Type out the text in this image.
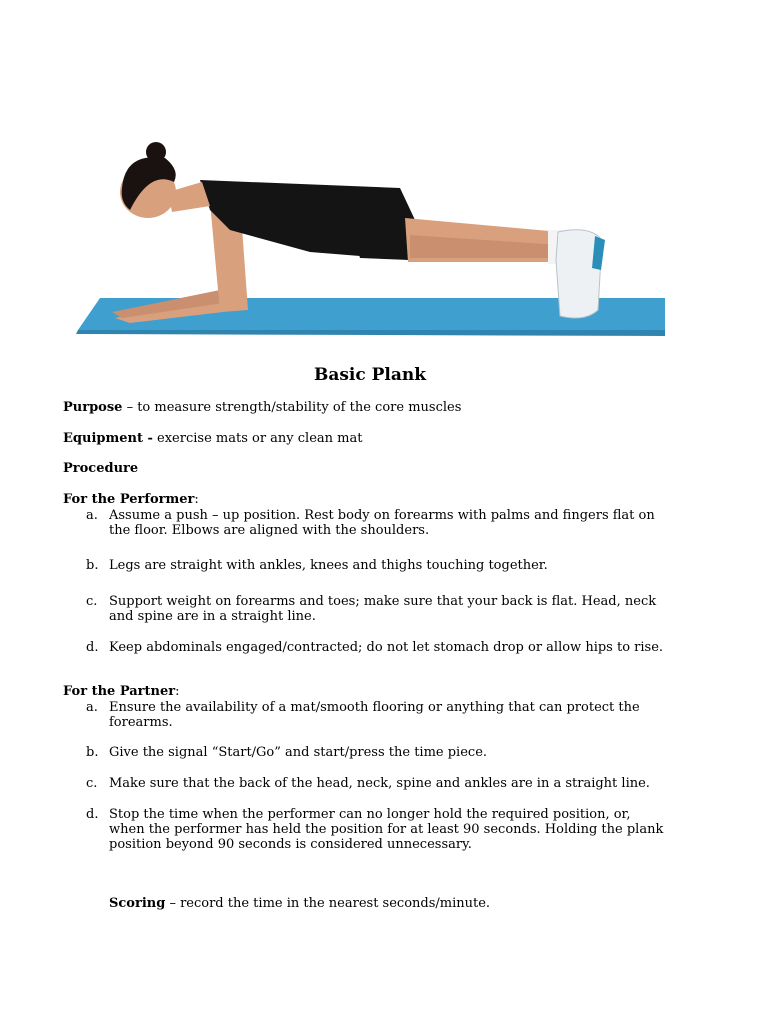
Basic Plank
Purpose – to measure strength/stability of the core muscles
Equipment - exercise mats or any clean mat
Procedure
For the Performer:
a. Assume a push – up position. Rest body on forearms with palms and fingers flat on the floor. Elbows are aligned with the shoulders.
b. Legs are straight with ankles, knees and thighs touching together.
c. Support weight on forearms and toes; make sure that your back is flat. Head, neck and spine are in a straight line.
d. Keep abdominals engaged/contracted; do not let stomach drop or allow hips to rise.
For the Partner:
a. Ensure the availability of a mat/smooth flooring or anything that can protect the forearms.
b. Give the signal “Start/Go” and start/press the time piece.
c. Make sure that the back of the head, neck, spine and ankles are in a straight line.
d. Stop the time when the performer can no longer hold the required position, or, when the performer has held the position for at least 90 seconds. Holding the plank position beyond 90 seconds is considered unnecessary.
Scoring – record the time in the nearest seconds/minute.
